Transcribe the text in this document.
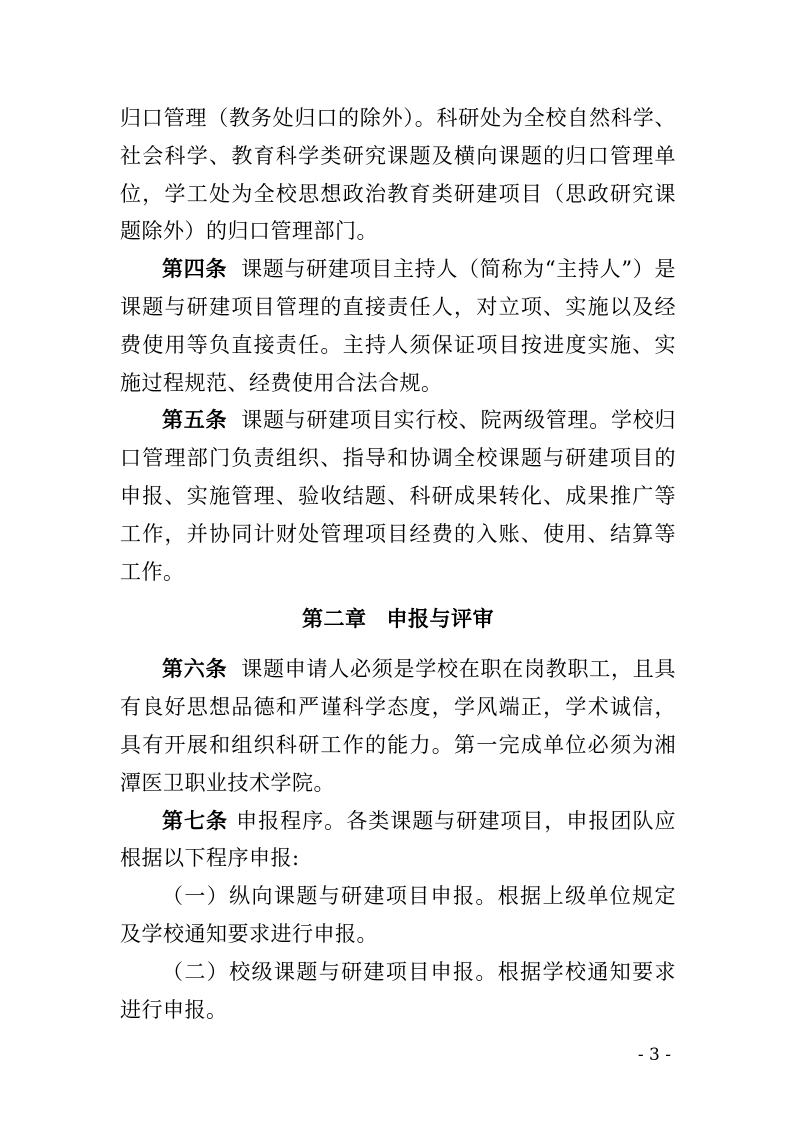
归口管理（教务处归口的除外）。科研处为全校自然科学、社会科学、教育科学类研究课题及横向课题的归口管理单位，学工处为全校思想政治教育类研建项目（思政研究课题除外）的归口管理部门。

第四条 课题与研建项目主持人（简称为“主持人”）是课题与研建项目管理的直接责任人，对立项、实施以及经费使用等负直接责任。主持人须保证项目按进度实施、实施过程规范、经费使用合法合规。

第五条 课题与研建项目实行校、院两级管理。学校归口管理部门负责组织、指导和协调全校课题与研建项目的申报、实施管理、验收结题、科研成果转化、成果推广等工作，并协同计财处管理项目经费的入账、使用、结算等工作。

第二章 申报与评审

第六条 课题申请人必须是学校在职在岗教职工，且具有良好思想品德和严谨科学态度，学风端正，学术诚信，具有开展和组织科研工作的能力。第一完成单位必须为湘潭医卫职业技术学院。

第七条 申报程序。各类课题与研建项目，申报团队应根据以下程序申报:

（一）纵向课题与研建项目申报。根据上级单位规定及学校通知要求进行申报。

（二）校级课题与研建项目申报。根据学校通知要求进行申报。

- 3 -
